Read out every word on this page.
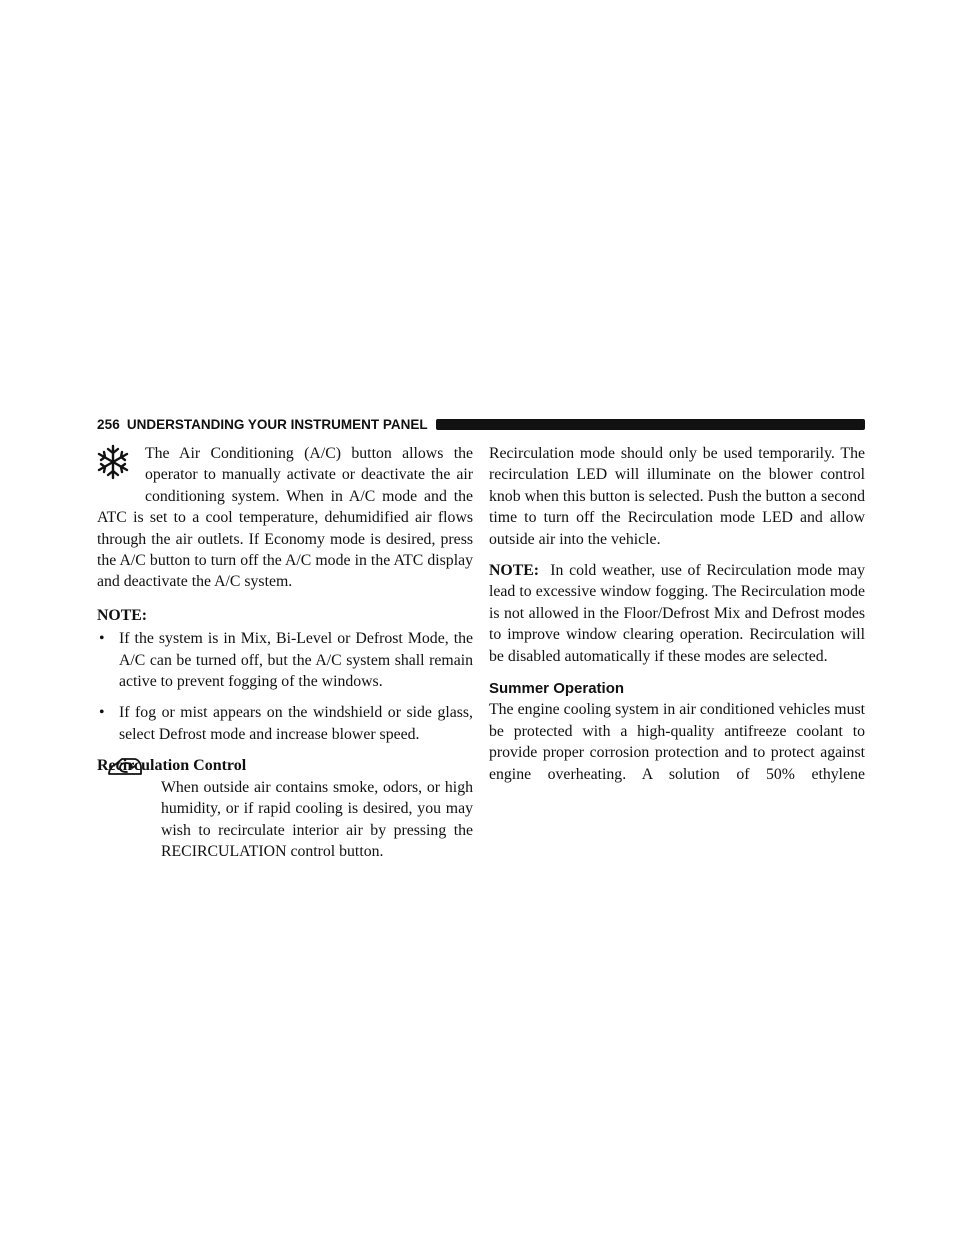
256 UNDERSTANDING YOUR INSTRUMENT PANEL

The Air Conditioning (A/C) button allows the

operator to manually activate or deactivate the air

conditioning system. When in A/C mode and the

ATC is set to a cool temperature, dehumidified air flows through the air outlets. If Economy mode is desired, press the A/C button to turn off the A/C mode in the ATC display and deactivate the A/C system.

NOTE:

• If the system is in Mix, Bi-Level or Defrost Mode, the A/C can be turned off, but the A/C system shall remain active to prevent fogging of the windows.

• If fog or mist appears on the windshield or side glass, select Defrost mode and increase blower speed.

Recirculation Control

When outside air contains smoke, odors, or high humidity, or if rapid cooling is desired, you may wish to recirculate interior air by pressing the RECIRCULATION control button.

Recirculation mode should only be used temporarily. The recirculation LED will illuminate on the blower control knob when this button is selected. Push the button a second time to turn off the Recirculation mode LED and allow outside air into the vehicle.

NOTE: In cold weather, use of Recirculation mode may lead to excessive window fogging. The Recirculation mode is not allowed in the Floor/Defrost Mix and Defrost modes to improve window clearing operation. Recirculation will be disabled automatically if these modes are selected.

Summer Operation

The engine cooling system in air conditioned vehicles must be protected with a high-quality antifreeze coolant to provide proper corrosion protection and to protect against engine overheating. A solution of 50% ethylene
